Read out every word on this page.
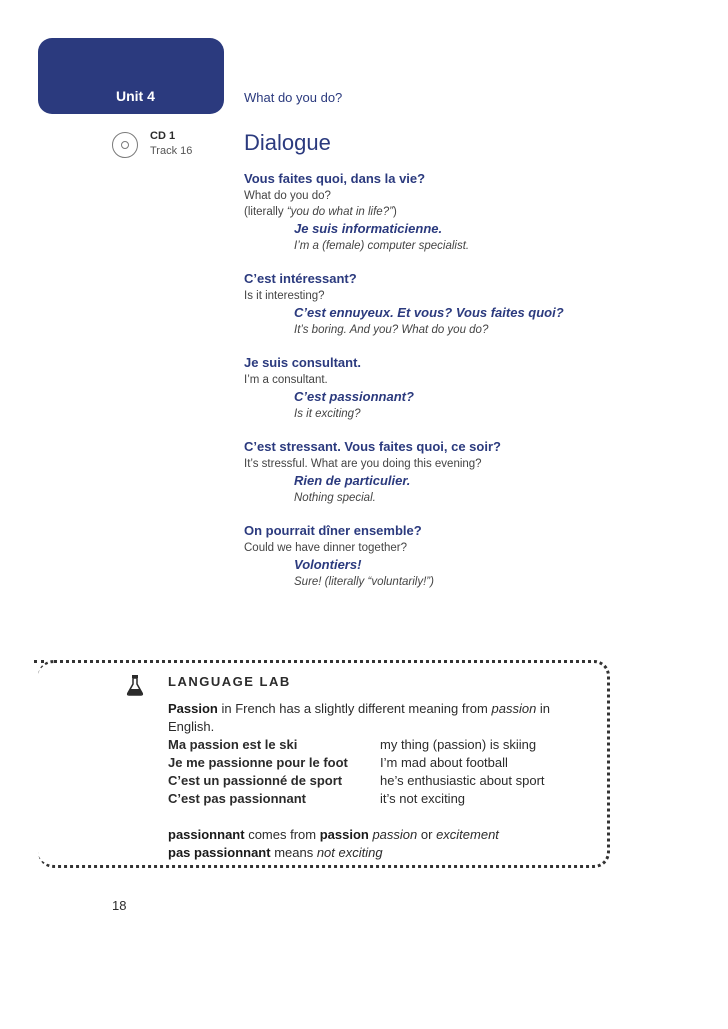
Unit 4	What do you do?
CD 1
Track 16 Dialogue
Vous faites quoi, dans la vie?
What do you do?
(literally “you do what in life?”)
Je suis informaticienne.
I’m a (female) computer specialist.
C’est intéressant?
Is it interesting?
C’est ennuyeux. Et vous? Vous faites quoi?
It’s boring. And you? What do you do?
Je suis consultant.
I’m a consultant.
C’est passionnant?
Is it exciting?
C’est stressant. Vous faites quoi, ce soir?
It’s stressful. What are you doing this evening?
Rien de particulier.
Nothing special.
On pourrait dîner ensemble?
Could we have dinner together?
Volontiers!
Sure! (literally “voluntarily!”)
LANGUAGE LAB
Passion in French has a slightly different meaning from passion in English.
Ma passion est le ski	my thing (passion) is skiing
Je me passionne pour le foot	I’m mad about football
C’est un passionné de sport	he’s enthusiastic about sport
C’est pas passionnant	it’s not exciting
passionnant comes from passion passion or excitement
pas passionnant means not exciting
18
